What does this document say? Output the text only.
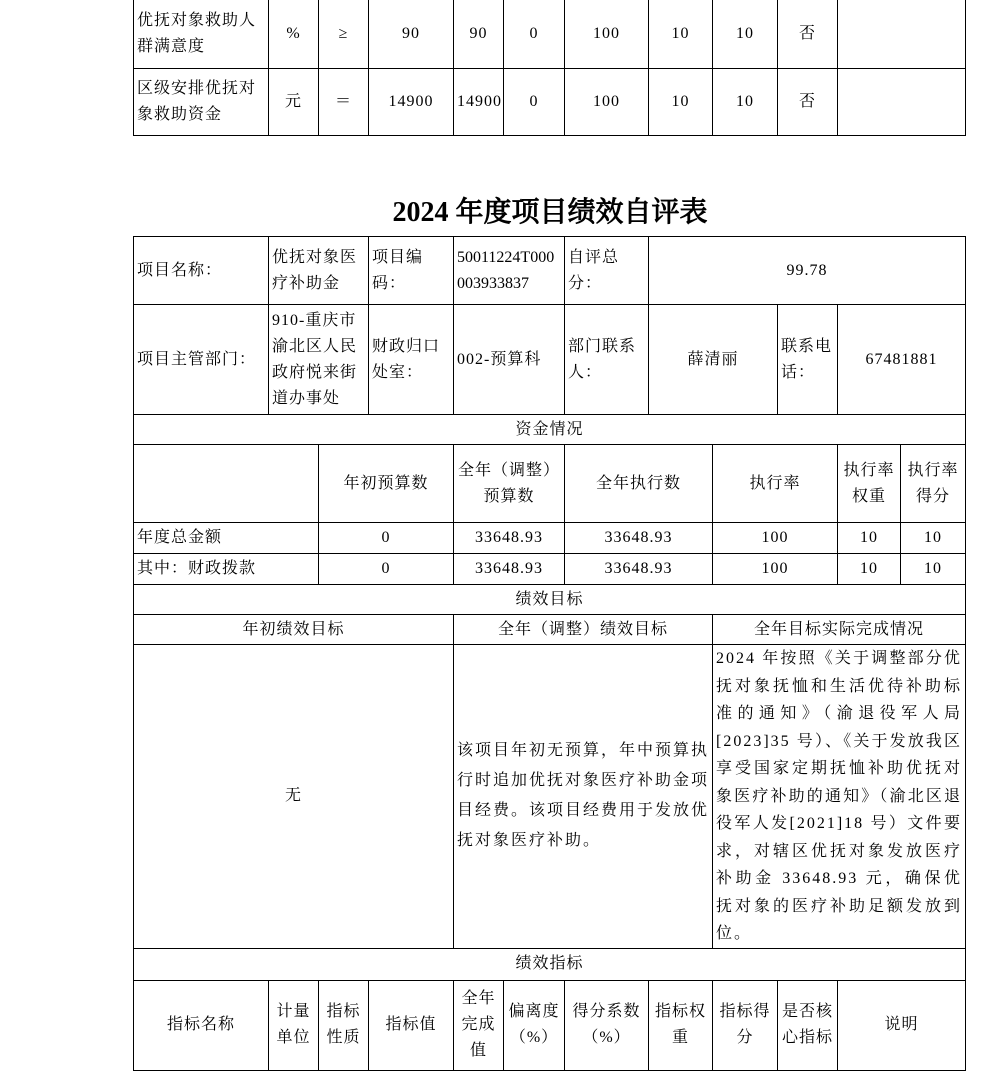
优抚对象救助人群满意度	%	≥	90	90	0	100	10	10	否	
区级安排优抚对象救助资金	元	＝	14900	14900	0	100	10	10	否	
2024 年度项目绩效自评表
项目名称：	优抚对象医疗补助金		项目编码：	50011224T000003933837		自评总分：	99.78				
项目主管部门：	910-重庆市渝北区人民政府悦来街道办事处		财政归口处室：	002-预算科		部门联系人：	薛清丽		联系电话：	67481881	
资金情况											
		年初预算数		全年（调整）预算数		全年执行数		执行率		执行率权重	执行率得分
年度总金额		0		33648.93		33648.93		100		10	10
其中：财政拨款		0		33648.93		33648.93		100		10	10
绩效目标											
年初绩效目标				全年（调整）绩效目标				全年目标实际完成情况			
无				该项目年初无预算，年中预算执行时追加优抚对象医疗补助金项目经费。该项目经费用于发放优抚对象医疗补助。				2024 年按照《关于调整部分优抚对象抚恤和生活优待补助标准的通知》（渝退役军人局[2023]35 号）、《关于发放我区享受国家定期抚恤补助优抚对象医疗补助的通知》（渝北区退役军人发[2021]18 号）文件要求，对辖区优抚对象发放医疗补助金 33648.93 元，确保优抚对象的医疗补助足额发放到位。			
绩效指标											
指标名称	计量单位	指标性质	指标值	全年完成值	偏离度（%）	得分系数（%）	指标权重	指标得分	是否核心指标	说明	
